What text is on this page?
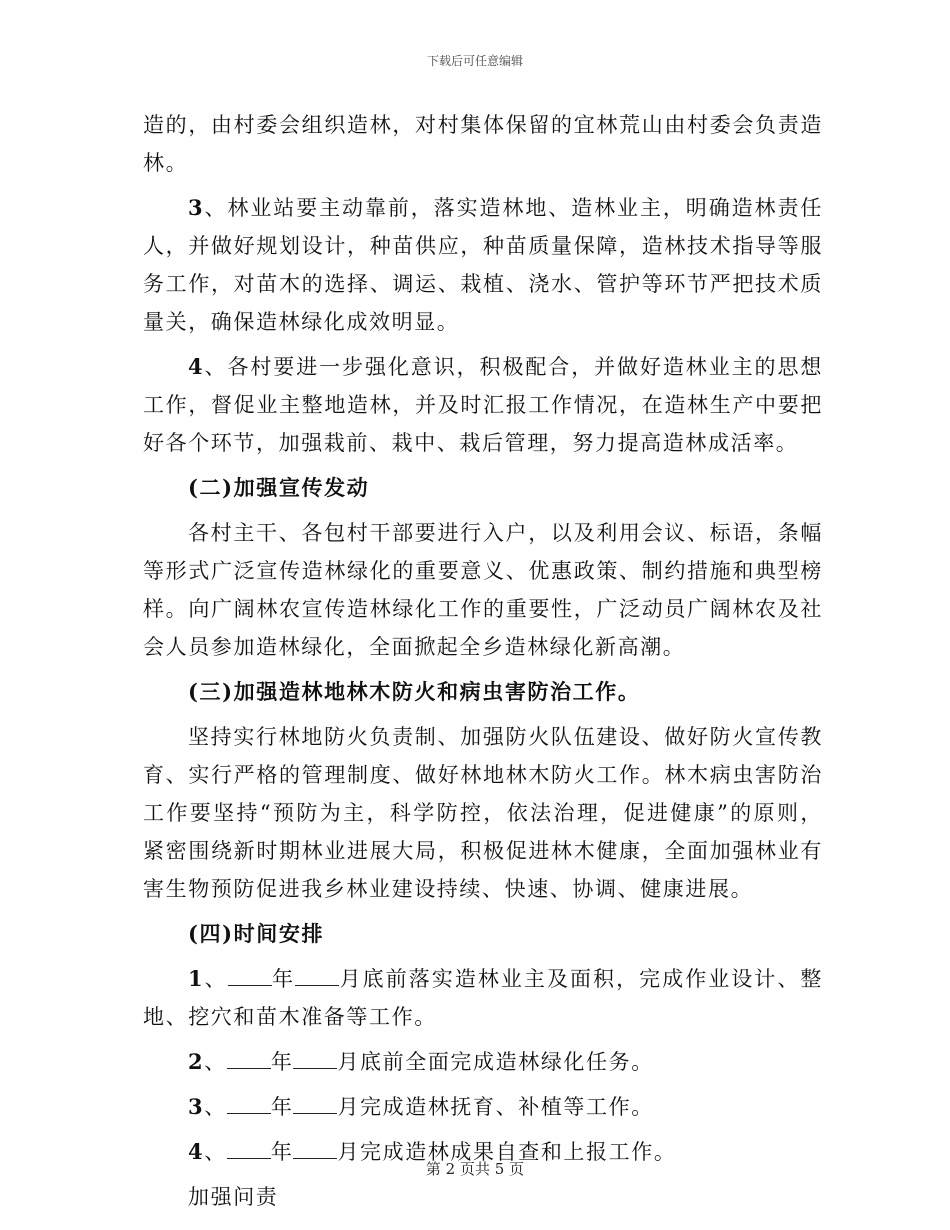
下载后可任意编辑

造的，由村委会组织造林，对村集体保留的宜林荒山由村委会负责造林。

3、林业站要主动靠前，落实造林地、造林业主，明确造林责任人，并做好规划设计，种苗供应，种苗质量保障，造林技术指导等服务工作，对苗木的选择、调运、栽植、浇水、管护等环节严把技术质量关，确保造林绿化成效明显。

4、各村要进一步强化意识，积极配合，并做好造林业主的思想工作，督促业主整地造林，并及时汇报工作情况，在造林生产中要把好各个环节，加强栽前、栽中、栽后管理，努力提高造林成活率。

(二)加强宣传发动

各村主干、各包村干部要进行入户，以及利用会议、标语，条幅等形式广泛宣传造林绿化的重要意义、优惠政策、制约措施和典型榜样。向广阔林农宣传造林绿化工作的重要性，广泛动员广阔林农及社会人员参加造林绿化，全面掀起全乡造林绿化新高潮。

(三)加强造林地林木防火和病虫害防治工作。

坚持实行林地防火负责制、加强防火队伍建设、做好防火宣传教育、实行严格的管理制度、做好林地林木防火工作。林木病虫害防治工作要坚持“预防为主，科学防控，依法治理，促进健康”的原则，紧密围绕新时期林业进展大局，积极促进林木健康，全面加强林业有害生物预防促进我乡林业建设持续、快速、协调、健康进展。

(四)时间安排

1、 年 月底前落实造林业主及面积，完成作业设计、整地、挖穴和苗木准备等工作。

2、 年 月底前全面完成造林绿化任务。

3、 年 月完成造林抚育、补植等工作。

4、 年 月完成造林成果自查和上报工作。

加强问责

第 2 页共 5 页
